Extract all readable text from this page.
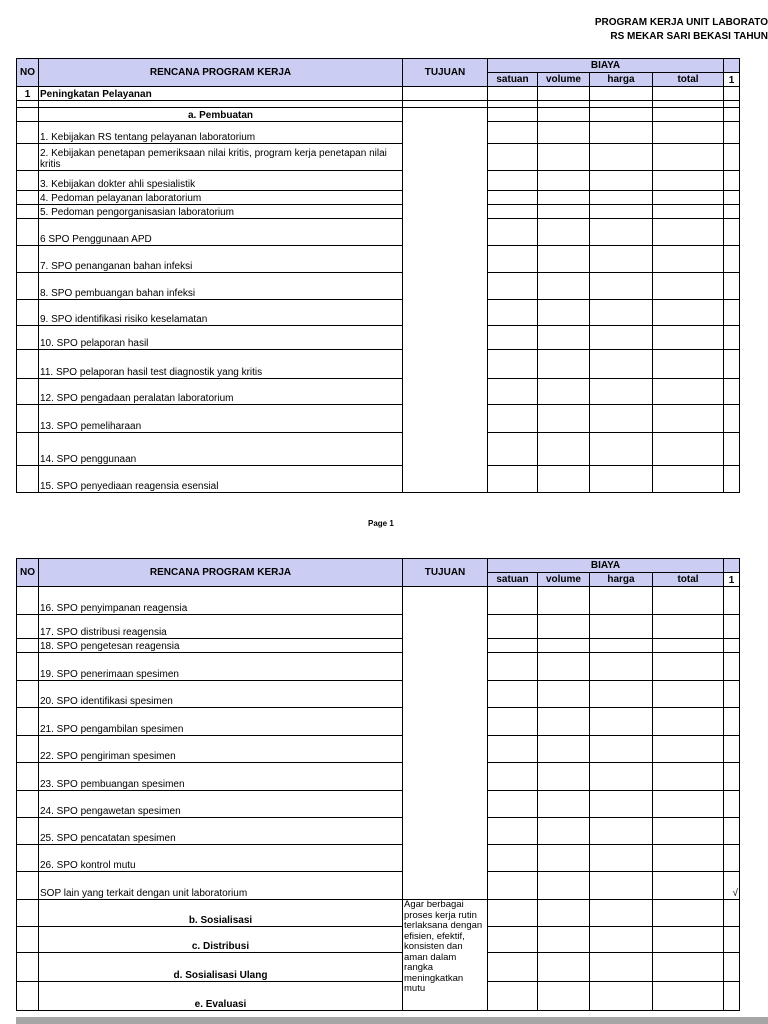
PROGRAM KERJA UNIT LABORATO
RS MEKAR SARI BEKASI TAHUN
NO	RENCANA PROGRAM KERJA	TUJUAN	BIAYA					
			satuan	volume	harga	total	1	
1	Peningkatan Pelayanan							

	a. Pembuatan							
	1. Kebijakan RS tentang pelayanan laboratorium							
	2. Kebijakan penetapan pemeriksaan nilai kritis, program kerja penetapan nilai kritis							
	3. Kebijakan dokter ahli spesialistik							
	4. Pedoman pelayanan laboratorium							
	5. Pedoman pengorganisasian laboratorium							
	6 SPO Penggunaan APD							
	7. SPO penanganan bahan infeksi							
	8. SPO pembuangan bahan infeksi							
	9. SPO identifikasi risiko keselamatan							
	10. SPO pelaporan hasil							
	11. SPO pelaporan hasil test diagnostik yang kritis							
	12. SPO pengadaan peralatan laboratorium							
	13. SPO pemeliharaan							
	14. SPO penggunaan							
	15. SPO penyediaan reagensia esensial							
Page 1
NO	RENCANA PROGRAM KERJA	TUJUAN	BIAYA					
			satuan	volume	harga	total	1	
	16. SPO penyimpanan reagensia							
	17. SPO distribusi reagensia							
	18. SPO pengetesan reagensia							
	19. SPO penerimaan spesimen							
	20. SPO identifikasi spesimen							
	21. SPO pengambilan spesimen							
	22. SPO pengiriman spesimen							
	23. SPO pembuangan spesimen							
	24. SPO pengawetan spesimen							
	25. SPO pencatatan spesimen							
	26. SPO kontrol mutu							
	SOP lain yang terkait dengan unit laboratorium						√	
	b. Sosialisasi	Agar berbagai proses kerja rutin terlaksana dengan efisien, efektif, konsisten dan aman dalam rangka meningkatkan mutu						
	c. Distribusi							
	d. Sosialisasi Ulang							
	e. Evaluasi							
